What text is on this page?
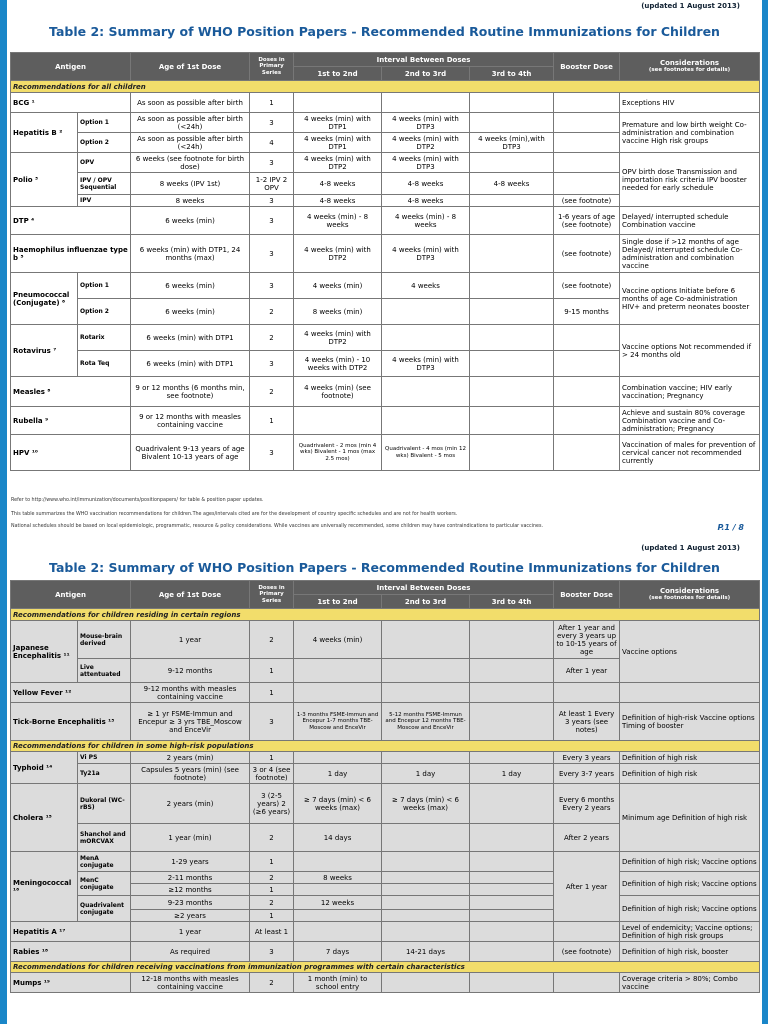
(updated 1 August 2013)
Table 2: Summary of WHO Position Papers - Recommended Routine Immunizations for Children
Antigen		Age of 1st Dose	Doses in Primary Series	Interval Between Doses			Booster Dose	Considerations
(see footnotes for details)

				1st to 2nd	2nd to 3rd	3rd to 4th		
Recommendations for all children								
BCG ¹		As soon as possible after birth	1					Exceptions HIV
Hepatitis B ²	Option 1	As soon as possible after birth (<24h)	3	4 weeks (min) with DTP1	4 weeks (min) with DTP3			Premature and low birth weight Co-administration and combination vaccine High risk groups
	Option 2	As soon as possible after birth (<24h)	4	4 weeks (min) with DTP1	4 weeks (min) with DTP2	4 weeks (min),with DTP3		
Polio ³	OPV	6 weeks (see footnote for birth dose)	3	4 weeks (min) with DTP2	4 weeks (min) with DTP3			OPV birth dose Transmission and importation risk criteria IPV booster needed for early schedule
	IPV / OPV Sequential	8 weeks (IPV 1st)	1-2 IPV 2 OPV	4-8 weeks	4-8 weeks	4-8 weeks		
	IPV	8 weeks	3	4-8 weeks	4-8 weeks		(see footnote)	
DTP ⁴		6 weeks (min)	3	4 weeks (min) - 8 weeks	4 weeks (min) - 8 weeks		1-6 years of age (see footnote)	Delayed/ interrupted schedule Combination vaccine
Haemophilus influenzae type b ⁵		6 weeks (min) with DTP1, 24 months (max)	3	4 weeks (min) with DTP2	4 weeks (min) with DTP3		(see footnote)	Single dose if >12 months of age Delayed/ interrupted schedule Co-administration and combination vaccine
Pneumococcal (Conjugate) ⁶	Option 1	6 weeks (min)	3	4 weeks (min)	4 weeks		(see footnote)	Vaccine options Initiate before 6 months of age Co-administration HIV+ and preterm neonates booster
	Option 2	6 weeks (min)	2	8 weeks (min)			9-15 months	
Rotavirus ⁷	Rotarix	6 weeks (min) with DTP1	2	4 weeks (min) with DTP2				Vaccine options Not recommended if > 24 months old
	Rota Teq	6 weeks (min) with DTP1	3	4 weeks (min) - 10 weeks with DTP2	4 weeks (min) with DTP3			
Measles ⁸		9 or 12 months (6 months min, see footnote)	2	4 weeks (min) (see footnote)				Combination vaccine; HIV early vaccination; Pregnancy
Rubella ⁹		9 or 12 months with measles containing vaccine	1					Achieve and sustain 80% coverage Combination vaccine and Co-administration; Pregnancy
HPV ¹⁰		Quadrivalent 9-13 years of age Bivalent 10-13 years of age	3	Quadrivalent - 2 mos (min 4 wks) Bivalent - 1 mos (max 2.5 mos)	Quadrivalent - 4 mos (min 12 wks) Bivalent - 5 mos			Vaccination of males for prevention of cervical cancer not recommended currently
Refer to http://www.who.int/immunization/documents/positionpapers/ for table & position paper updates.
This table summarizes the WHO vaccination recommendations for children.The ages/intervals cited are for the development of country specific schedules and are not for health workers.
National schedules should be based on local epidemiologic, programmatic, resource & policy considerations. While vaccines are universally recommended, some children may have contraindications to particular vaccines.	P.1 / 8
(updated 1 August 2013)
Table 2: Summary of WHO Position Papers - Recommended Routine Immunizations for Children
Antigen		Age of 1st Dose	Doses in Primary Series	Interval Between Doses			Booster Dose	Considerations
(see footnotes for details)

				1st to 2nd	2nd to 3rd	3rd to 4th		
Recommendations for children residing in certain regions								
Japanese Encephalitis ¹¹	Mouse-brain derived	1 year	2	4 weeks (min)			After 1 year and every 3 years up to 10-15 years of age	Vaccine options
	Live attentuated	9-12 months	1				After 1 year	
Yellow Fever ¹²		9-12 months with measles containing vaccine	1					
Tick-Borne Encephalitis ¹³		≥ 1 yr FSME-Immun and Encepur ≥ 3 yrs TBE_Moscow and EnceVir	3	1-3 months FSME-Immun and Encepur 1-7 months TBE-Moscow and EnceVir	5-12 months FSME-Immun and Encepur 12 months TBE-Moscow and EnceVir		At least 1 Every 3 years (see notes)	Definition of high-risk Vaccine options Timing of booster
Recommendations for children in some high-risk populations								
Typhoid ¹⁴	Vi PS	2 years (min)	1				Every 3 years	Definition of high risk
	Ty21a	Capsules 5 years (min) (see footnote)	3 or 4 (see footnote)	1 day	1 day	1 day	Every 3-7 years	Definition of high risk
Cholera ¹⁵	Dukoral (WC-rBS)	2 years (min)	3 (2-5 years) 2 (≥6 years)	≥ 7 days (min) < 6 weeks (max)	≥ 7 days (min) < 6 weeks (max)		Every 6 months Every 2 years	Minimum age Definition of high risk
	Shanchol and mORCVAX	1 year (min)	2	14 days			After 2 years	
Meningococcal ¹⁶	MenA conjugate	1-29 years	1				After 1 year	Definition of high risk; Vaccine options
	MenC conjugate	2-11 months	2	8 weeks				Definition of high risk; Vaccine options
		≥12 months	1					
	Quadrivalent conjugate	9-23 months	2	12 weeks				Definition of high risk; Vaccine options
		≥2 years	1					
Hepatitis A ¹⁷		1 year	At least 1					Level of endemicity; Vaccine options; Definition of high risk groups
Rabies ¹⁸		As required	3	7 days	14-21 days		(see footnote)	Definition of high risk, booster
Recommendations for children receiving vaccinations from immunization programmes with certain characteristics								
Mumps ¹⁹		12-18 months with measles containing vaccine	2	1 month (min) to school entry				Coverage criteria > 80%; Combo vaccine
